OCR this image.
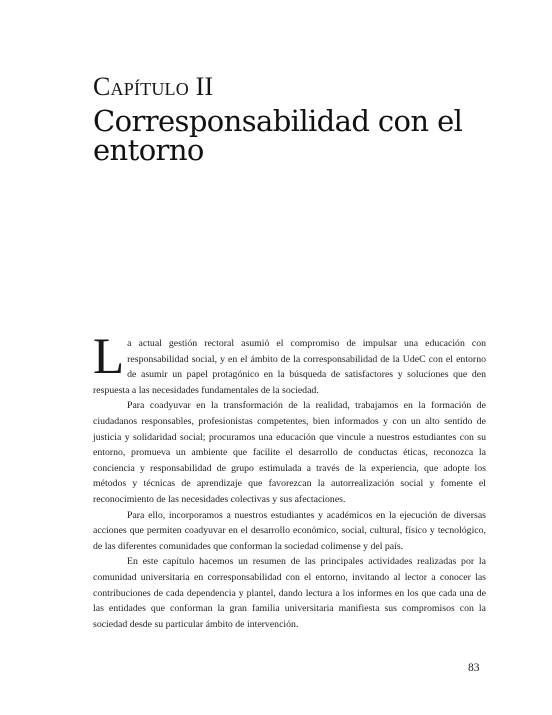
Capítulo II
Corresponsabilidad con el entorno

La actual gestión rectoral asumió el compromiso de impulsar una educación con responsabilidad social, y en el ámbito de la corresponsabilidad de la UdeC con el entorno de asumir un papel protagónico en la búsqueda de satisfactores y soluciones que den respuesta a las necesidades fundamentales de la sociedad.

Para coadyuvar en la transformación de la realidad, trabajamos en la formación de ciudadanos responsables, profesionistas competentes, bien informados y con un alto sentido de justicia y solidaridad social; procuramos una educación que vincule a nuestros estudiantes con su entorno, promueva un ambiente que facilite el desarrollo de conductas éticas, reconozca la conciencia y responsabilidad de grupo estimulada a través de la experiencia, que adopte los métodos y técnicas de aprendizaje que favorezcan la autorrealización social y fomente el reconocimiento de las necesidades colectivas y sus afectaciones.

Para ello, incorporamos a nuestros estudiantes y académicos en la ejecución de diversas acciones que permiten coadyuvar en el desarrollo económico, social, cultural, físico y tecnológico, de las diferentes comunidades que conforman la sociedad colimense y del país.

En este capítulo hacemos un resumen de las principales actividades realizadas por la comunidad universitaria en corresponsabilidad con el entorno, invitando al lector a conocer las contribuciones de cada dependencia y plantel, dando lectura a los informes en los que cada una de las entidades que conforman la gran familia universitaria manifiesta sus compromisos con la sociedad desde su particular ámbito de intervención.

83
